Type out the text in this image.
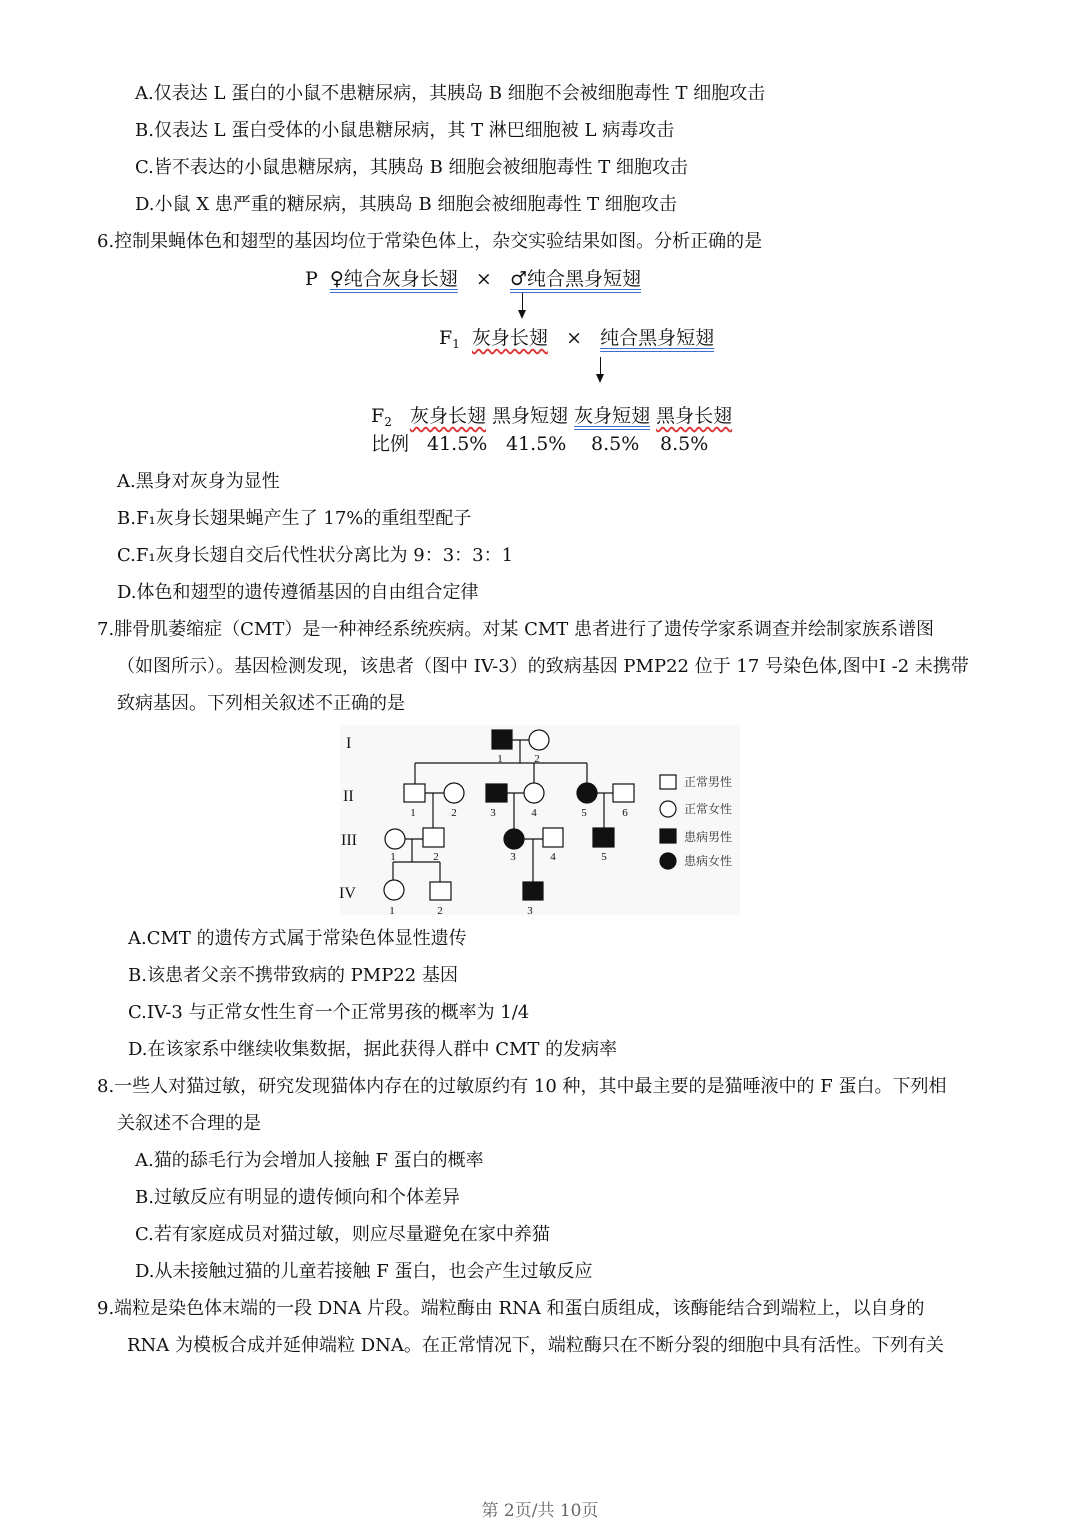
A.仅表达 L 蛋白的小鼠不患糖尿病，其胰岛 B 细胞不会被细胞毒性 T 细胞攻击
B.仅表达 L 蛋白受体的小鼠患糖尿病，其 T 淋巴细胞被 L 病毒攻击
C.皆不表达的小鼠患糖尿病，其胰岛 B 细胞会被细胞毒性 T 细胞攻击
D.小鼠 X 患严重的糖尿病，其胰岛 B 细胞会被细胞毒性 T 细胞攻击
6.控制果蝇体色和翅型的基因均位于常染色体上，杂交实验结果如图。分析正确的是
P ♀纯合灰身长翅 × ♂纯合黑身短翅
$F_1$ 灰身长翅 × 纯合黑身短翅
$F_2$ 灰身长翅 黑身短翅 灰身短翅 黑身长翅
比例 41.5% 41.5% 8.5% 8.5%
A.黑身对灰身为显性
B.F₁灰身长翅果蝇产生了 17%的重组型配子
C.F₁灰身长翅自交后代性状分离比为 9：3：3：1
D.体色和翅型的遗传遵循基因的自由组合定律
7.腓骨肌萎缩症（CMT）是一种神经系统疾病。对某 CMT 患者进行了遗传学家系调查并绘制家族系谱图
（如图所示）。基因检测发现，该患者（图中 IV-3）的致病基因 PMP22 位于 17 号染色体,图中Ⅰ -2 未携带
致病基因。下列相关叙述不正确的是
I
II
III
IV
1	2
1	2	3	4	5	6
1	2	3	4	5
1	2	3
正常男性
正常女性
患病男性
患病女性
A.CMT 的遗传方式属于常染色体显性遗传
B.该患者父亲不携带致病的 PMP22 基因
C.IV-3 与正常女性生育一个正常男孩的概率为 1/4
D.在该家系中继续收集数据，据此获得人群中 CMT 的发病率
8.一些人对猫过敏，研究发现猫体内存在的过敏原约有 10 种，其中最主要的是猫唾液中的 F 蛋白。下列相
关叙述不合理的是
A.猫的舔毛行为会增加人接触 F 蛋白的概率
B.过敏反应有明显的遗传倾向和个体差异
C.若有家庭成员对猫过敏，则应尽量避免在家中养猫
D.从未接触过猫的儿童若接触 F 蛋白，也会产生过敏反应
9.端粒是染色体末端的一段 DNA 片段。端粒酶由 RNA 和蛋白质组成，该酶能结合到端粒上，以自身的
RNA 为模板合成并延伸端粒 DNA。在正常情况下，端粒酶只在不断分裂的细胞中具有活性。下列有关
第 2页/共 10页
